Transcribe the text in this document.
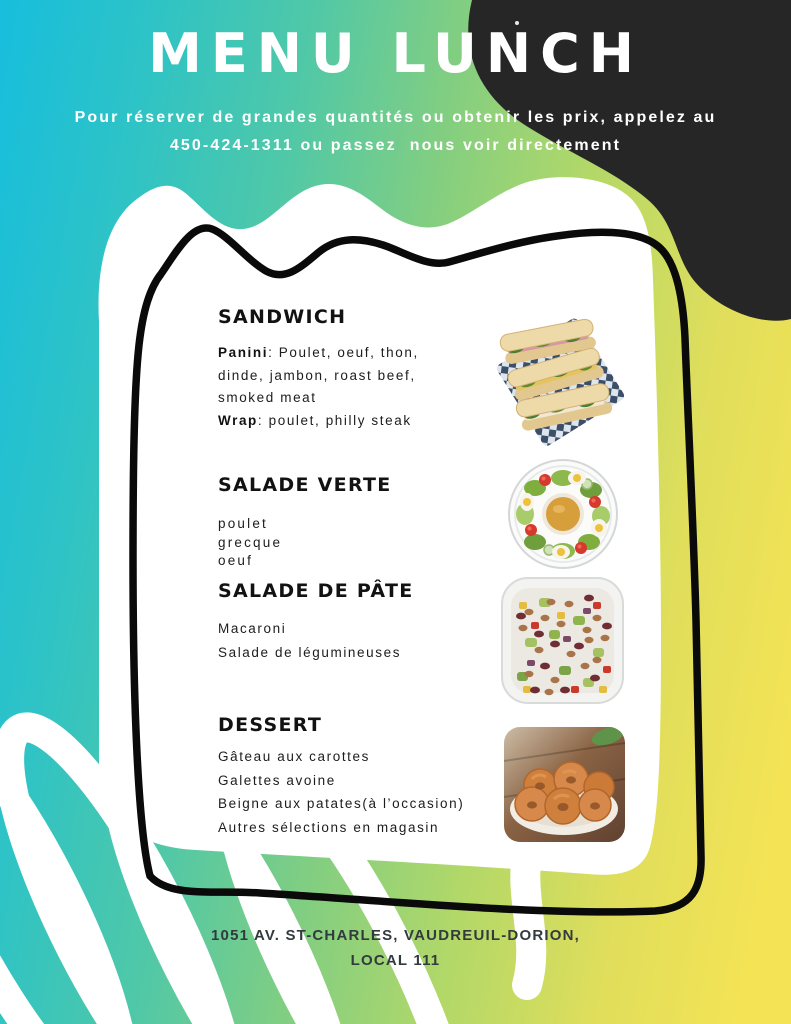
MENU LUNCH

Pour réserver de grandes quantités ou obtenir les prix, appelez au

450-424-1311 ou passez  nous voir directement

SANDWICH

Panini: Poulet, oeuf, thon,
dinde, jambon, roast beef,
smoked meat
Wrap: poulet, philly steak

SALADE VERTE

poulet
grecque
oeuf

SALADE DE PÂTE

Macaroni
Salade de légumineuses

DESSERT

Gâteau aux carottes
Galettes avoine
Beigne aux patates(à l’occasion)
Autres sélections en magasin

1051 AV. ST-CHARLES, VAUDREUIL-DORION,
LOCAL 111
